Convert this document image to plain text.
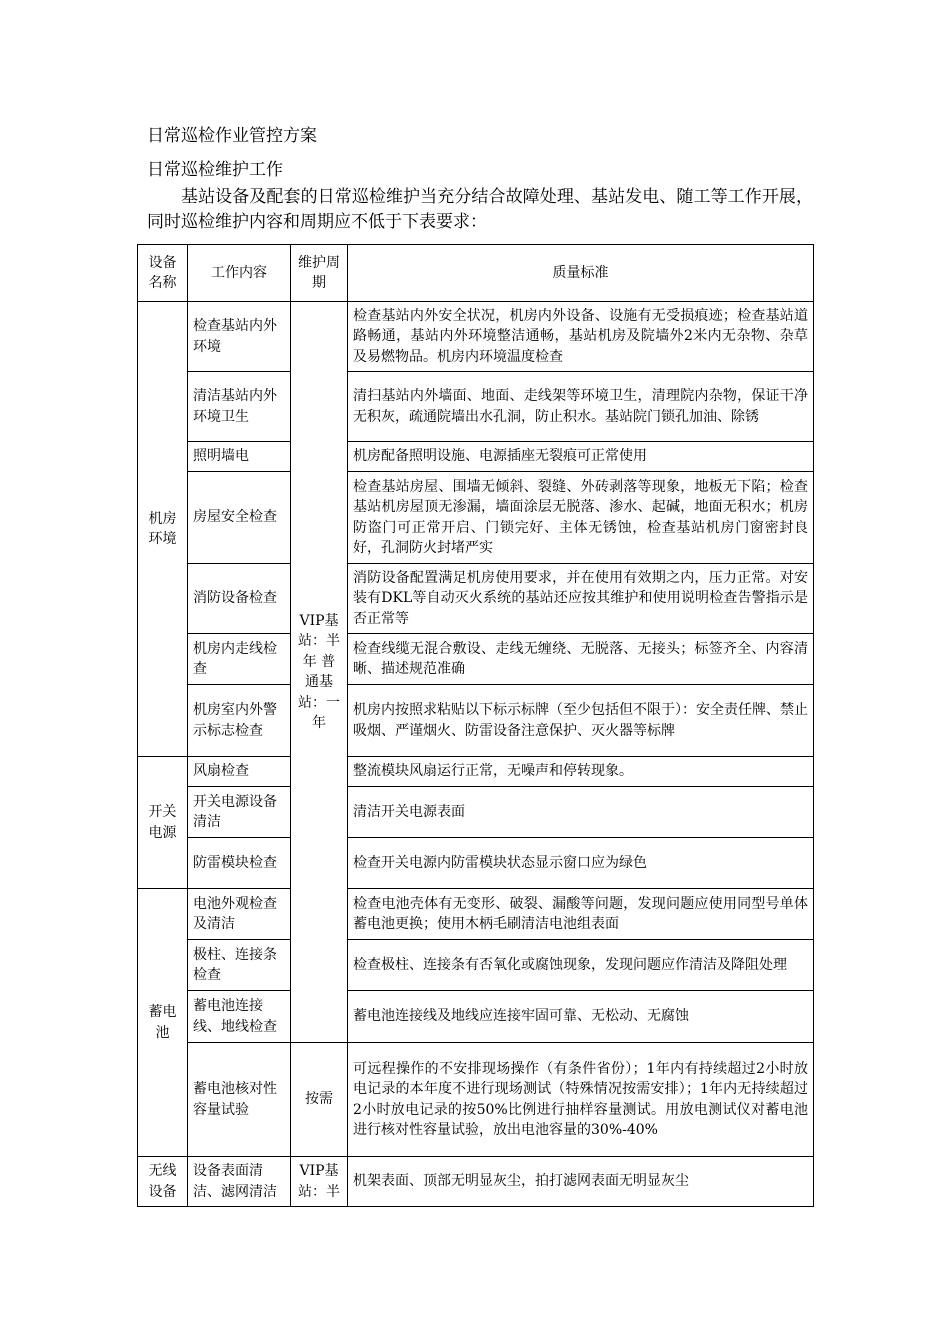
日常巡检作业管控方案
日常巡检维护工作
基站设备及配套的日常巡检维护当充分结合故障处理、基站发电、随工等工作开展，同时巡检维护内容和周期应不低于下表要求：
设备名称	工作内容	维护周期	质量标准
机房环境	检查基站内外环境	VIP基站：半年 普通基站：一年	检查基站内外安全状况，机房内外设备、设施有无受损痕迹；检查基站道路畅通，基站内外环境整洁通畅，基站机房及院墙外2米内无杂物、杂草及易燃物品。机房内环境温度检查
	清洁基站内外环境卫生		清扫基站内外墙面、地面、走线架等环境卫生，清理院内杂物，保证干净无积灰，疏通院墙出水孔洞，防止积水。基站院门锁孔加油、除锈
	照明墙电		机房配备照明设施、电源插座无裂痕可正常使用
	房屋安全检查		检查基站房屋、围墙无倾斜、裂缝、外砖剥落等现象，地板无下陷；检查基站机房屋顶无渗漏，墙面涂层无脱落、渗水、起碱，地面无积水；机房防盗门可正常开启、门锁完好、主体无锈蚀，检查基站机房门窗密封良好，孔洞防火封堵严实
	消防设备检查		消防设备配置满足机房使用要求，并在使用有效期之内，压力正常。对安装有DKL等自动灭火系统的基站还应按其维护和使用说明检查告警指示是否正常等
	机房内走线检查		检查线缆无混合敷设、走线无缠绕、无脱落、无接头；标签齐全、内容清晰、描述规范准确
	机房室内外警示标志检查		机房内按照求粘贴以下标示标牌（至少包括但不限于）：安全责任牌、禁止吸烟、严谨烟火、防雷设备注意保护、灭火器等标牌
开关电源	风扇检查		整流模块风扇运行正常，无噪声和停转现象。
	开关电源设备清洁		清洁开关电源表面
	防雷模块检查		检查开关电源内防雷模块状态显示窗口应为绿色
蓄电池	电池外观检查及清洁		检查电池壳体有无变形、破裂、漏酸等问题，发现问题应使用同型号单体蓄电池更换；使用木柄毛刷清洁电池组表面
	极柱、连接条检查		检查极柱、连接条有否氧化或腐蚀现象，发现问题应作清洁及降阻处理
	蓄电池连接线、地线检查		蓄电池连接线及地线应连接牢固可靠、无松动、无腐蚀
	蓄电池核对性容量试验	按需	可远程操作的不安排现场操作（有条件省份）；1年内有持续超过2小时放电记录的本年度不进行现场测试（特殊情况按需安排）；1年内无持续超过2小时放电记录的按50%比例进行抽样容量测试。用放电测试仪对蓄电池进行核对性容量试验，放出电池容量的30%-40%
无线设备	设备表面清洁、滤网清洁	VIP基站：半	机架表面、顶部无明显灰尘，拍打滤网表面无明显灰尘
